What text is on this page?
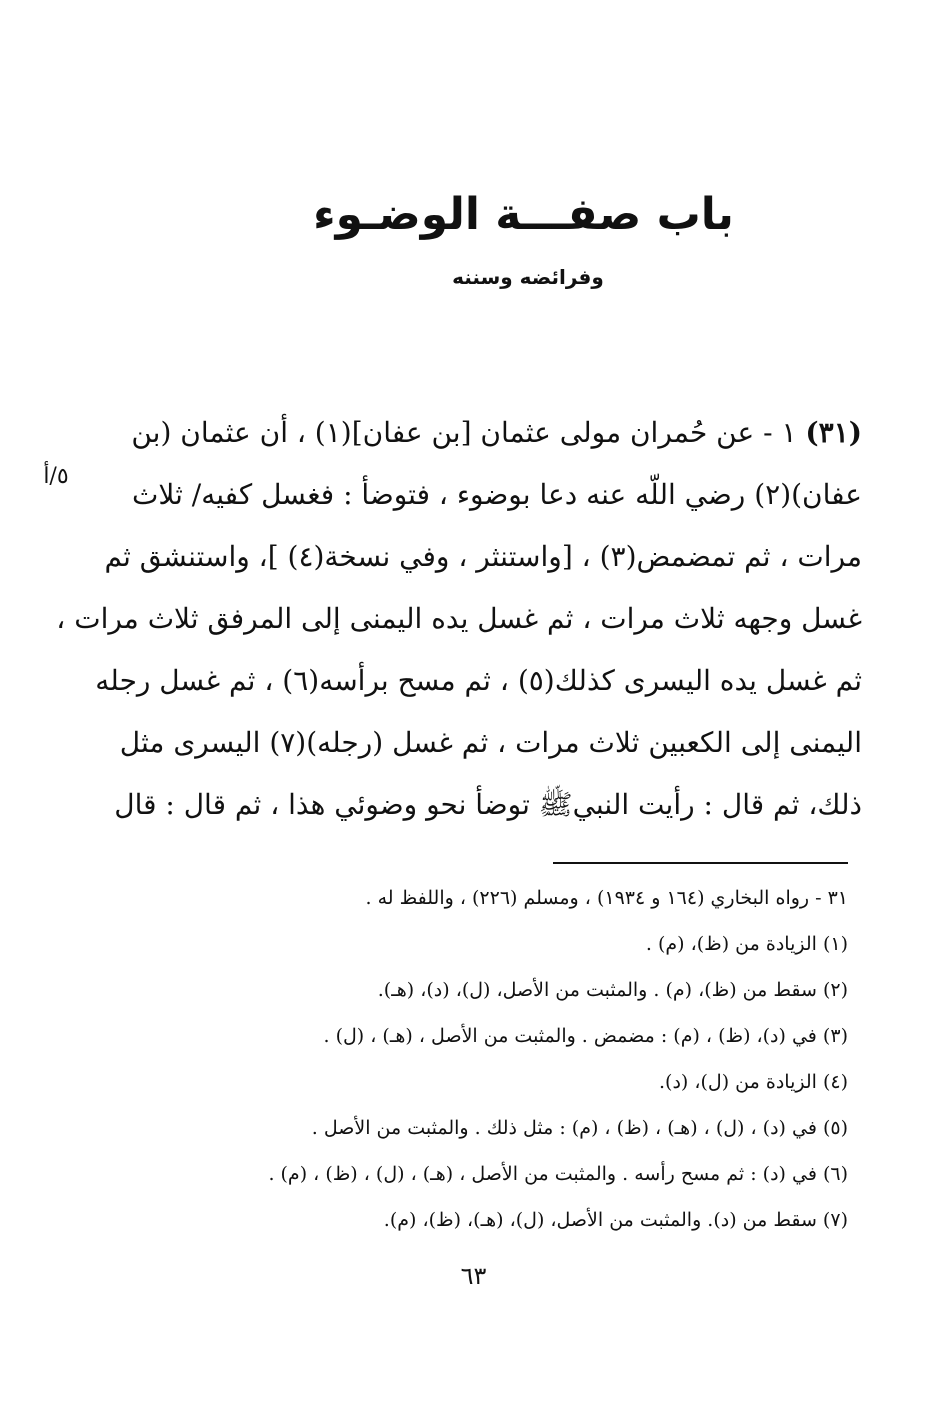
باب صفـــة الوضـوء
وفرائضه وسننه
٥/أ
(٣١) ١ - عن حُمران مولى عثمان [بن عفان](١) ، أن عثمان (بن
عفان)(٢) رضي اللّه عنه دعا بوضوء ، فتوضأ : فغسل كفيه/ ثلاث
مرات ، ثم تمضمض(٣) ، [واستنثر ، وفي نسخة(٤) ]، واستنشق ثم
غسل وجهه ثلاث مرات ، ثم غسل يده اليمنى إلى المرفق ثلاث مرات ،
ثم غسل يده اليسرى كذلك(٥) ، ثم مسح برأسه(٦) ، ثم غسل رجله
اليمنى إلى الكعبين ثلاث مرات ، ثم غسل (رجله)(٧) اليسرى مثل
ذلك، ثم قال : رأيت النبيﷺ توضأ نحو وضوئي هذا ، ثم قال : قال
٣١ - رواه البخاري (١٦٤ و ١٩٣٤) ، ومسلم (٢٢٦) ، واللفظ له .
(١) الزيادة من (ظ)، (م) .
(٢) سقط من (ظ)، (م) . والمثبت من الأصل، (ل)، (د)، (هـ).
(٣) في (د)، (ظ) ، (م) : مضمض . والمثبت من الأصل ، (هـ) ، (ل) .
(٤) الزيادة من (ل)، (د).
(٥) في (د) ، (ل) ، (هـ) ، (ظ) ، (م) : مثل ذلك . والمثبت من الأصل .
(٦) في (د) : ثم مسح رأسه . والمثبت من الأصل ، (هـ) ، (ل) ، (ظ) ، (م) .
(٧) سقط من (د). والمثبت من الأصل، (ل)، (هـ)، (ظ)، (م).
٦٣
